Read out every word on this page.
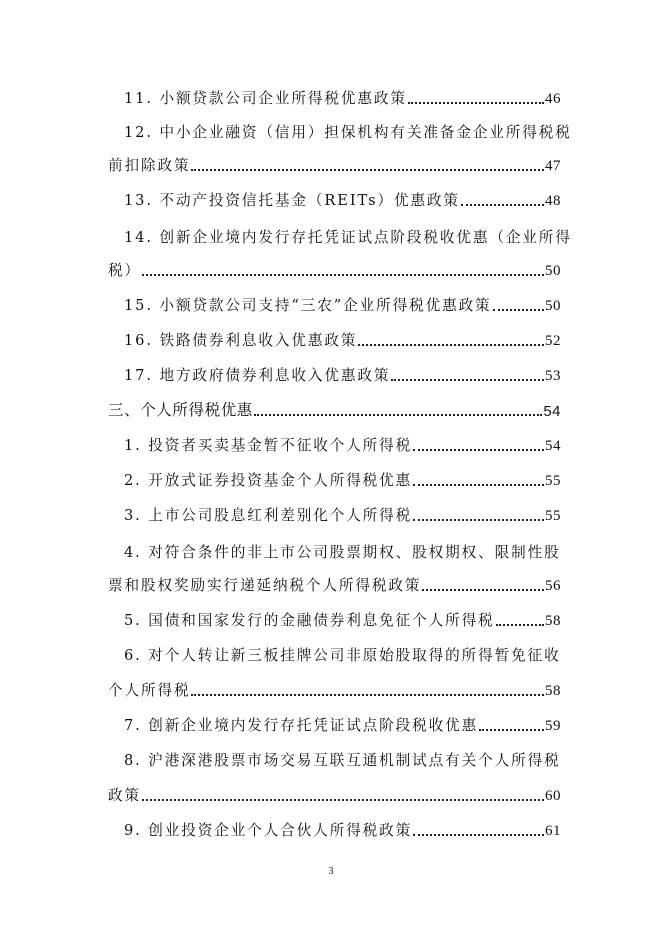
11. 小额贷款公司企业所得税优惠政策	46
12. 中小企业融资（信用）担保机构有关准备金企业所得税税
前扣除政策	47
13. 不动产投资信托基金（REITs）优惠政策	48
14. 创新企业境内发行存托凭证试点阶段税收优惠（企业所得
税）	50
15. 小额贷款公司支持“三农”企业所得税优惠政策	50
16. 铁路债券利息收入优惠政策	52
17. 地方政府债券利息收入优惠政策	53
三、个人所得税优惠	54
1. 投资者买卖基金暂不征收个人所得税	54
2. 开放式证券投资基金个人所得税优惠	55
3. 上市公司股息红利差别化个人所得税	55
4. 对符合条件的非上市公司股票期权、股权期权、限制性股
票和股权奖励实行递延纳税个人所得税政策	56
5. 国债和国家发行的金融债券利息免征个人所得税	58
6. 对个人转让新三板挂牌公司非原始股取得的所得暂免征收
个人所得税	58
7. 创新企业境内发行存托凭证试点阶段税收优惠	59
8. 沪港深港股票市场交易互联互通机制试点有关个人所得税
政策	60
9. 创业投资企业个人合伙人所得税政策	61
3
